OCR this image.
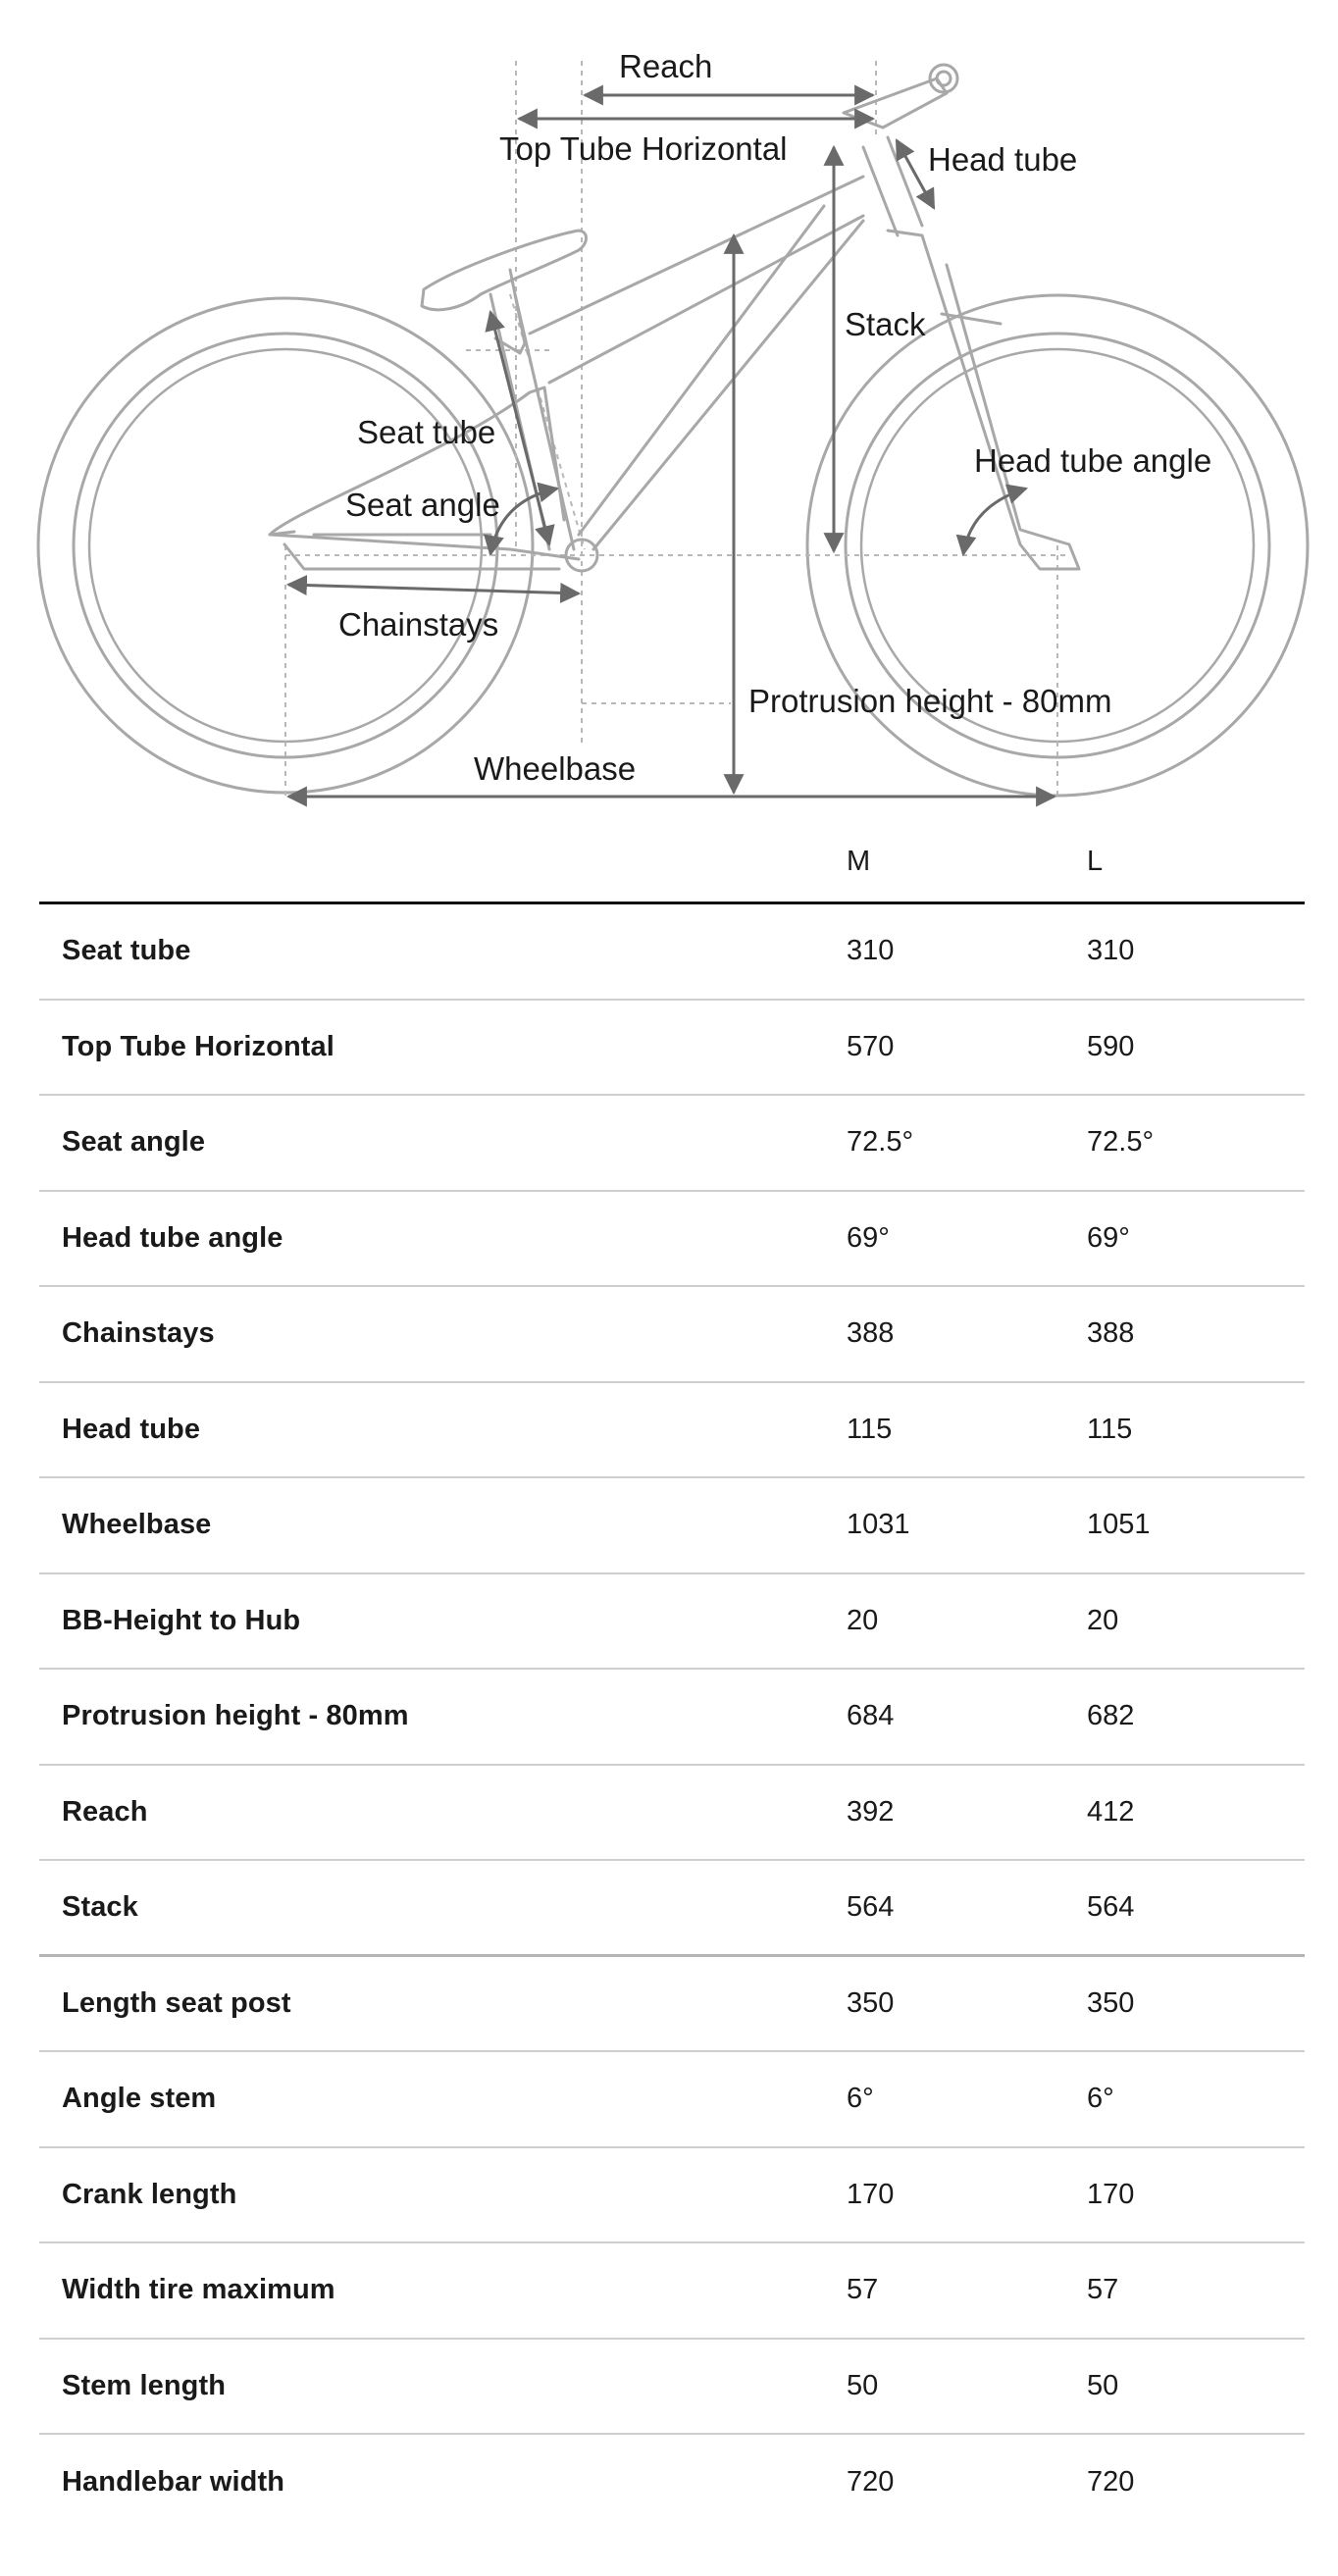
Reach
Top Tube Horizontal	Head tube
Stack
Seat tube
Seat angle
Head tube angle
Chainstays
Protrusion height - 80mm
Wheelbase
M	L
Seat tube	310	310
Top Tube Horizontal	570	590
Seat angle	72.5°	72.5°
Head tube angle	69°	69°
Chainstays	388	388
Head tube	115	115
Wheelbase	1031	1051
BB-Height to Hub	20	20
Protrusion height - 80mm	684	682
Reach	392	412
Stack	564	564
Length seat post	350	350
Angle stem	6°	6°
Crank length	170	170
Width tire maximum	57	57
Stem length	50	50
Handlebar width	720	720
